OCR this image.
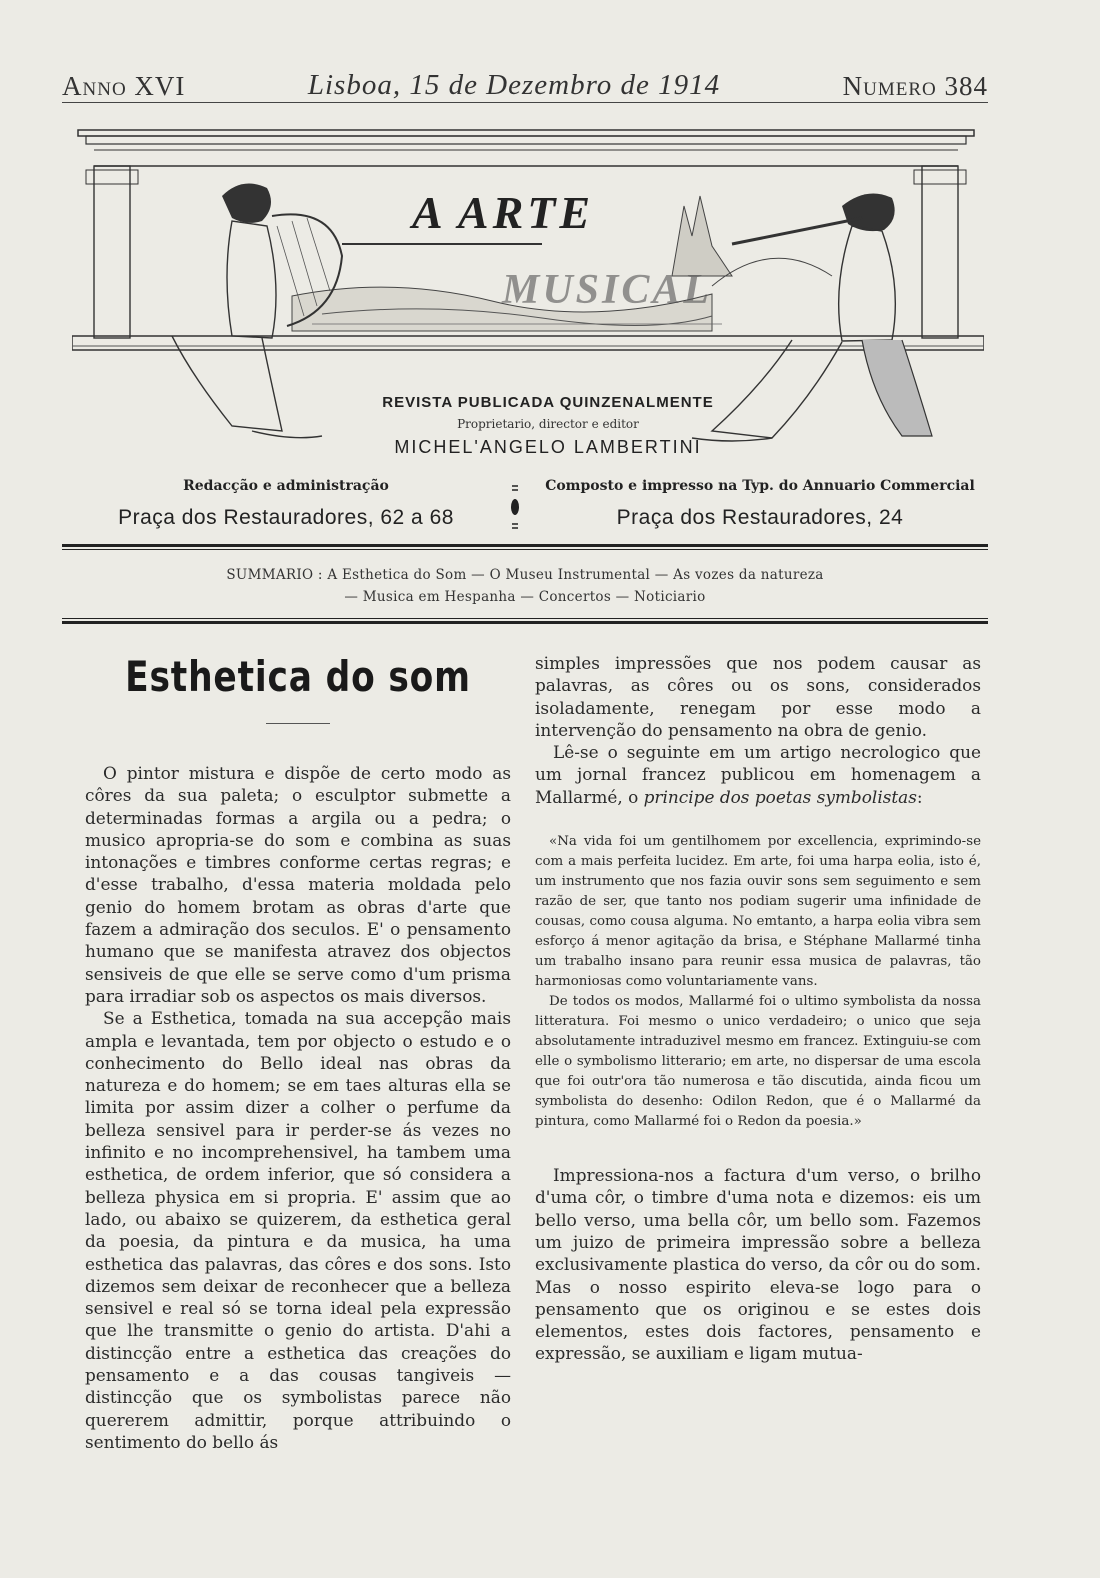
Anno XVI	Lisboa, 15 de Dezembro de 1914	Numero 384
A ARTE
MUSICAL
REVISTA PUBLICADA QUINZENALMENTE
Proprietario, director e editor
MICHEL'ANGELO LAMBERTINI
Redacção e administração
Praça dos Restauradores, 62 a 68
Composto e impresso na Typ. do Annuario Commercial
Praça dos Restauradores, 24
SUMMARIO : A Esthetica do Som — O Museu Instrumental — As vozes da natureza
— Musica em Hespanha — Concertos — Noticiario
Esthetica do som

O pintor mistura e dispõe de certo modo as côres da sua paleta; o esculptor submette a determinadas formas a argila ou a pedra; o musico apropria-se do som e combina as suas intonações e timbres conforme certas regras; e d'esse trabalho, d'essa materia moldada pelo genio do homem brotam as obras d'arte que fazem a admiração dos seculos. E' o pensamento humano que se manifesta atravez dos objectos sensiveis de que elle se serve como d'um prisma para irradiar sob os aspectos os mais diversos.

Se a Esthetica, tomada na sua accepção mais ampla e levantada, tem por objecto o estudo e o conhecimento do Bello ideal nas obras da natureza e do homem; se em taes alturas ella se limita por assim dizer a colher o perfume da belleza sensivel para ir perder-se ás vezes no infinito e no incomprehensivel, ha tambem uma esthetica, de ordem inferior, que só considera a belleza physica em si propria. E' assim que ao lado, ou abaixo se quizerem, da esthetica geral da poesia, da pintura e da musica, ha uma esthetica das palavras, das côres e dos sons. Isto dizemos sem deixar de reconhecer que a belleza sensivel e real só se torna ideal pela expressão que lhe transmitte o genio do artista. D'ahi a distincção entre a esthetica das creações do pensamento e a das cousas tangiveis — distincção que os symbolistas parece não quererem admittir, porque attribuindo o sentimento do bello ás

simples impressões que nos podem causar as palavras, as côres ou os sons, considerados isoladamente, renegam por esse modo a intervenção do pensamento na obra de genio.

Lê-se o seguinte em um artigo necrologico que um jornal francez publicou em homenagem a Mallarmé, o principe dos poetas symbolistas:

«Na vida foi um gentilhomem por excellencia, exprimindo-se com a mais perfeita lucidez. Em arte, foi uma harpa eolia, isto é, um instrumento que nos fazia ouvir sons sem seguimento e sem razão de ser, que tanto nos podiam sugerir uma infinidade de cousas, como cousa alguma. No emtanto, a harpa eolia vibra sem esforço á menor agitação da brisa, e Stéphane Mallarmé tinha um trabalho insano para reunir essa musica de palavras, tão harmoniosas como voluntariamente vans.

De todos os modos, Mallarmé foi o ultimo symbolista da nossa litteratura. Foi mesmo o unico verdadeiro; o unico que seja absolutamente intraduzivel mesmo em francez. Extinguiu-se com elle o symbolismo litterario; em arte, no dispersar de uma escola que foi outr'ora tão numerosa e tão discutida, ainda ficou um symbolista do desenho: Odilon Redon, que é o Mallarmé da pintura, como Mallarmé foi o Redon da poesia.»

Impressiona-nos a factura d'um verso, o brilho d'uma côr, o timbre d'uma nota e dizemos: eis um bello verso, uma bella côr, um bello som. Fazemos um juizo de primeira impressão sobre a belleza exclusivamente plastica do verso, da côr ou do som. Mas o nosso espirito eleva-se logo para o pensamento que os originou e se estes dois elementos, estes dois factores, pensamento e expressão, se auxiliam e ligam mutua-
